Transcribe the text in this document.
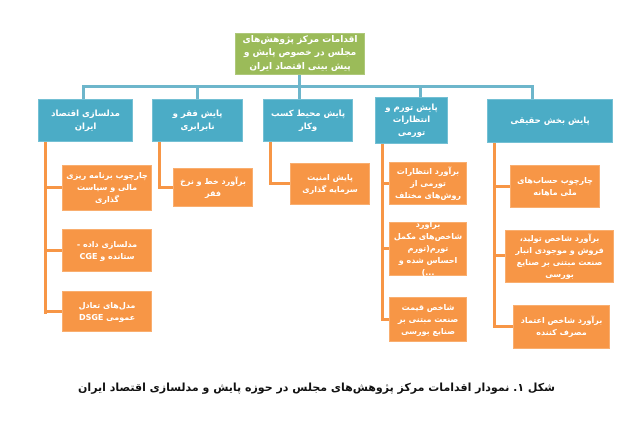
اقدامات مرکز پژوهش‌های مجلس در خصوص پایش و پیش بینی اقتصاد ایران
مدلسازی اقتصاد ایران
پایش فقر و نابرابری
پایش محیط کسب وکار
پایش تورم و انتظارات تورمی
پایش بخش حقیقی
چارچوب برنامه ریزی مالی و سیاست گذاری
مدلسازی داده - ستانده و CGE
مدل‌های تعادل عمومی DSGE
برآورد خط و نرخ فقر
پایش امنیت سرمایه گذاری
برآورد انتظارات تورمی از روش‌های مختلف
برآورد شاخص‌های مکمل تورم(تورم احساس شده و ...)
شاخص قیمت صنعت مبتنی بر صنایع بورسی
چارچوب حساب‌های ملی ماهانه
برآورد شاخص تولید، فروش و موجودی انبار صنعت مبتنی بر صنایع بورسی
برآورد شاخص اعتماد مصرف کننده
شکل ۱. نمودار اقدامات مرکز پژوهش‌های مجلس در حوزه پایش و مدلسازی اقتصاد ایران
